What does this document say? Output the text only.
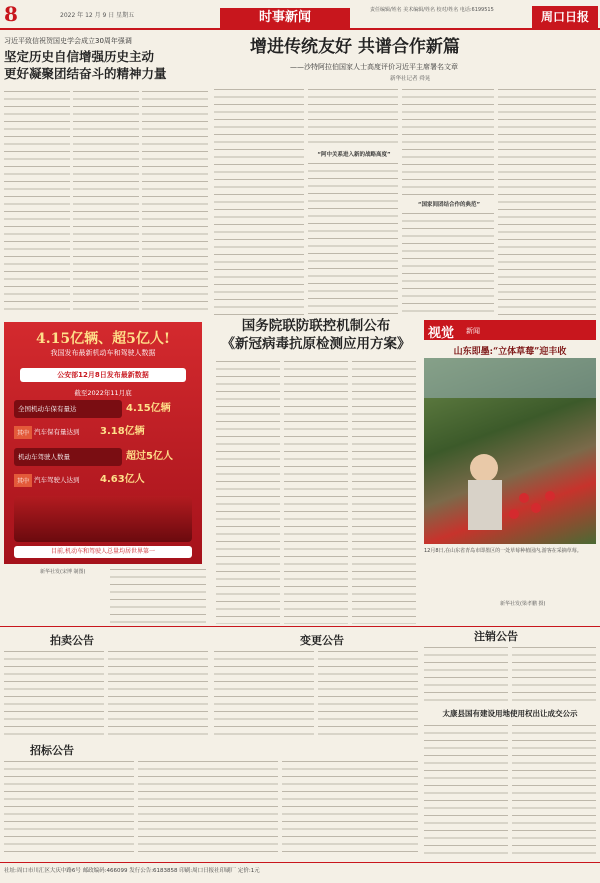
8	2022 年 12 月 9 日 星期五	时事新闻	责任编辑/姓名 美术编辑/姓名 校对/姓名 电话:6199515	周口日报
习近平致信祝贺国史学会成立30周年强调
坚定历史自信增强历史主动
更好凝聚团结奋斗的精神力量
增进传统友好 共谱合作新篇
——沙特阿拉伯国家人士高度评价习近平主席署名文章
新华社记者 舜晃
“阿中关系进入新的战略高度”
“国家间团结合作的典范”
4.15亿辆、超5亿人!
我国发布最新机动车和驾驶人数据
公安部12月8日发布最新数据
截至2022年11月底
全国机动车保有量达	4.15亿辆
其中 汽车保有量达到 3.18亿辆
机动车驾驶人数量	超过5亿人
其中 汽车驾驶人达到 4.63亿人
目前,机动车和驾驶人总量均居世界第一
新华社发(宋博 制图)
国务院联防联控机制公布
《新冠病毒抗原检测应用方案》
视觉 新闻
山东即墨:“立体草莓”迎丰收
12月8日,在山东省青岛市即墨区的一处草莓种植园内,游客在采摘草莓。
新华社发(梁孝鹏 摄)
拍卖公告	变更公告	注销公告
招标公告
太康县国有建设用地使用权出让成交公示
社址:周口市川汇区大庆中路6号 邮政编码:466099 发行公告:6183858 印刷:周口日报社印刷厂 定价:1元
